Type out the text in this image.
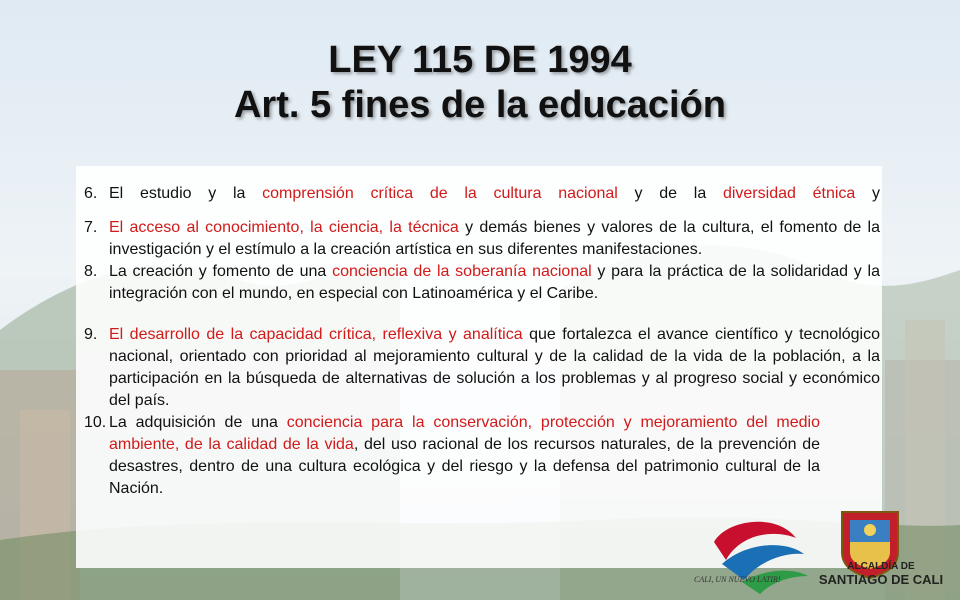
LEY 115 DE 1994
Art. 5 fines de la educación
6. El estudio y la comprensión crítica de la cultura nacional y de la diversidad étnica y
7. El acceso al conocimiento, la ciencia, la técnica y demás bienes y valores de la cultura, el fomento de la investigación y el estímulo a la creación artística en sus diferentes manifestaciones.
8. La creación y fomento de una conciencia de la soberanía nacional y para la práctica de la solidaridad y la integración con el mundo, en especial con Latinoamérica y el Caribe.
9. El desarrollo de la capacidad crítica, reflexiva y analítica que fortalezca el avance científico y tecnológico nacional, orientado con prioridad al mejoramiento cultural y de la calidad de la vida de la población, a la participación en la búsqueda de alternativas de solución a los problemas y al progreso social y económico del país.
10. La adquisición de una conciencia para la conservación, protección y mejoramiento del medio ambiente, de la calidad de la vida, del uso racional de los recursos naturales, de la prevención de desastres, dentro de una cultura ecológica y del riesgo y la defensa del patrimonio cultural de la Nación.
CALI, UN NUEVO LATIR!
ALCALDÍA DE
SANTIAGO DE CALI
